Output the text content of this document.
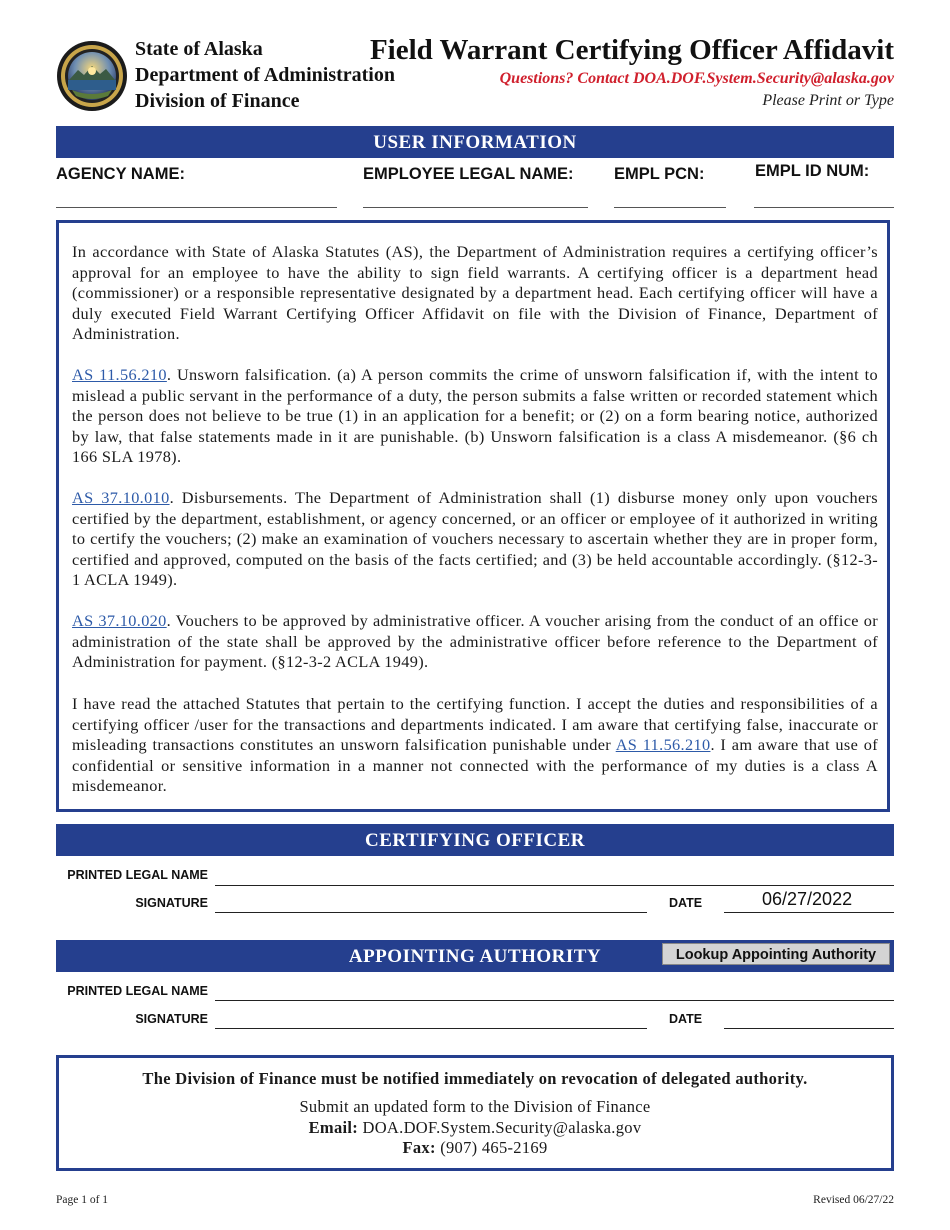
State of Alaska
Department of Administration
Division of Finance
Field Warrant Certifying Officer Affidavit
Questions? Contact DOA.DOF.System.Security@alaska.gov
Please Print or Type
USER INFORMATION
AGENCY NAME:	EMPLOYEE LEGAL NAME: EMPL PCN:	EMPL ID NUM:

In accordance with State of Alaska Statutes (AS), the Department of Administration requires a certifying officer’s approval for an employee to have the ability to sign field warrants. A certifying officer is a department head (commissioner) or a responsible representative designated by a department head. Each certifying officer will have a duly executed Field Warrant Certifying Officer Affidavit on file with the Division of Finance, Department of Administration.

AS 11.56.210. Unsworn falsification. (a) A person commits the crime of unsworn falsification if, with the intent to mislead a public servant in the performance of a duty, the person submits a false written or recorded statement which the person does not believe to be true (1) in an application for a benefit; or (2) on a form bearing notice, authorized by law, that false statements made in it are punishable. (b) Unsworn falsification is a class A misdemeanor. (§6 ch 166 SLA 1978).

AS 37.10.010. Disbursements. The Department of Administration shall (1) disburse money only upon vouchers certified by the department, establishment, or agency concerned, or an officer or employee of it authorized in writing to certify the vouchers; (2) make an examination of vouchers necessary to ascertain whether they are in proper form, certified and approved, computed on the basis of the facts certified; and (3) be held accountable accordingly. (§12-3-1 ACLA 1949).

AS 37.10.020. Vouchers to be approved by administrative officer. A voucher arising from the conduct of an office or administration of the state shall be approved by the administrative officer before reference to the Department of Administration for payment. (§12-3-2 ACLA 1949).

I have read the attached Statutes that pertain to the certifying function. I accept the duties and responsibilities of a certifying officer /user for the transactions and departments indicated. I am aware that certifying false, inaccurate or misleading transactions constitutes an unsworn falsification punishable under AS 11.56.210. I am aware that use of confidential or sensitive information in a manner not connected with the performance of my duties is a class A misdemeanor.

CERTIFYING OFFICER
PRINTED LEGAL NAME
SIGNATURE	DATE	06/27/2022
APPOINTING AUTHORITY	Lookup Appointing Authority
PRINTED LEGAL NAME
SIGNATURE	DATE
The Division of Finance must be notified immediately on revocation of delegated authority.
Submit an updated form to the Division of Finance
Email: DOA.DOF.System.Security@alaska.gov
Fax: (907) 465-2169
Page 1 of 1	Revised 06/27/22
